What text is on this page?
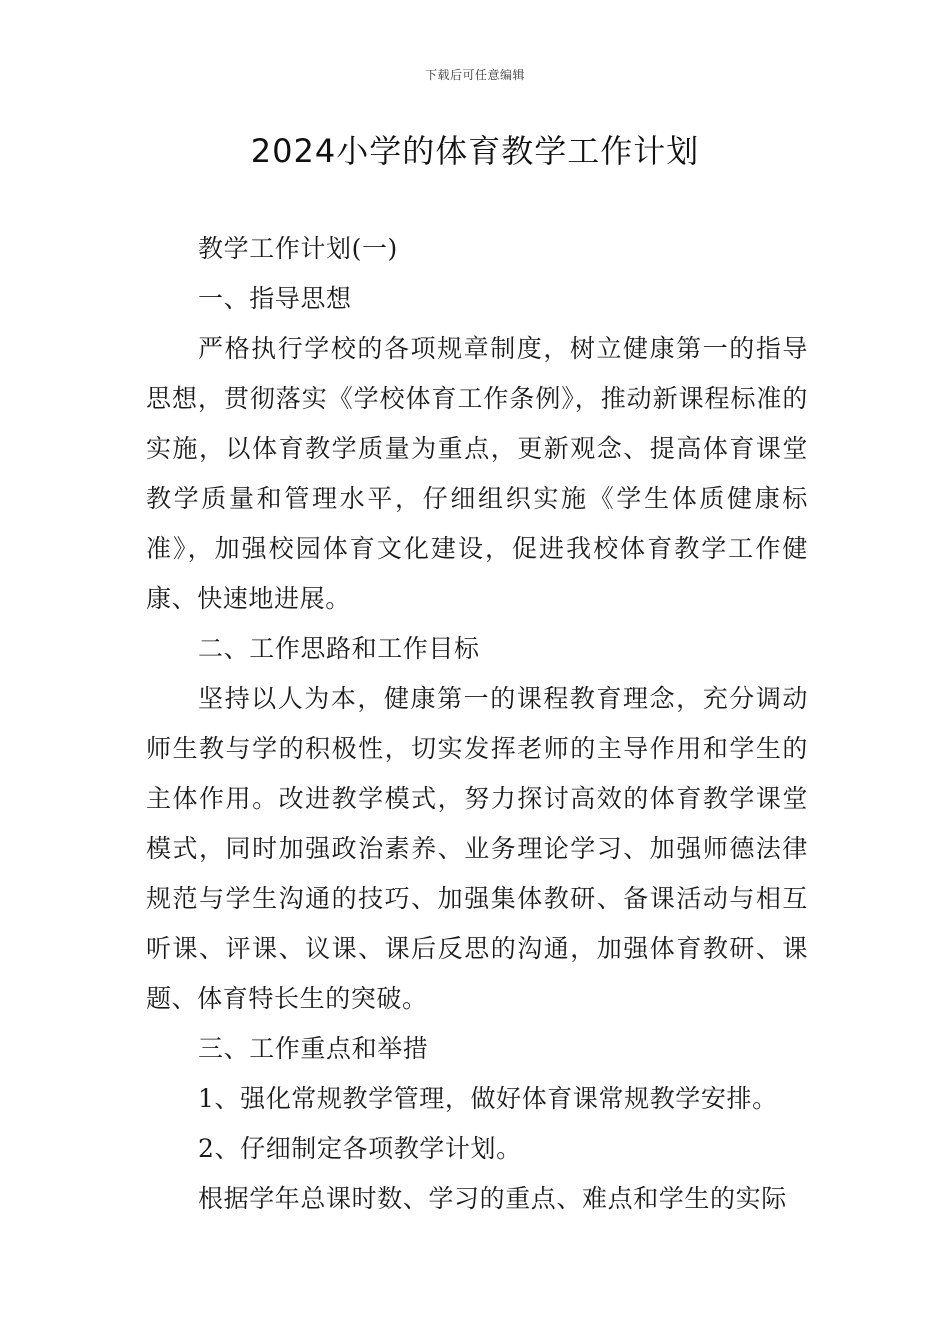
下载后可任意编辑
2024小学的体育教学工作计划

教学工作计划(一)

一、指导思想

严格执行学校的各项规章制度，树立健康第一的指导思想，贯彻落实《学校体育工作条例》，推动新课程标准的实施，以体育教学质量为重点，更新观念、提高体育课堂教学质量和管理水平，仔细组织实施《学生体质健康标准》，加强校园体育文化建设，促进我校体育教学工作健康、快速地进展。

二、工作思路和工作目标

坚持以人为本，健康第一的课程教育理念，充分调动师生教与学的积极性，切实发挥老师的主导作用和学生的主体作用。改进教学模式，努力探讨高效的体育教学课堂模式，同时加强政治素养、业务理论学习、加强师德法律规范与学生沟通的技巧、加强集体教研、备课活动与相互听课、评课、议课、课后反思的沟通，加强体育教研、课题、体育特长生的突破。

三、工作重点和举措

1、强化常规教学管理，做好体育课常规教学安排。

2、仔细制定各项教学计划。

根据学年总课时数、学习的重点、难点和学生的实际
